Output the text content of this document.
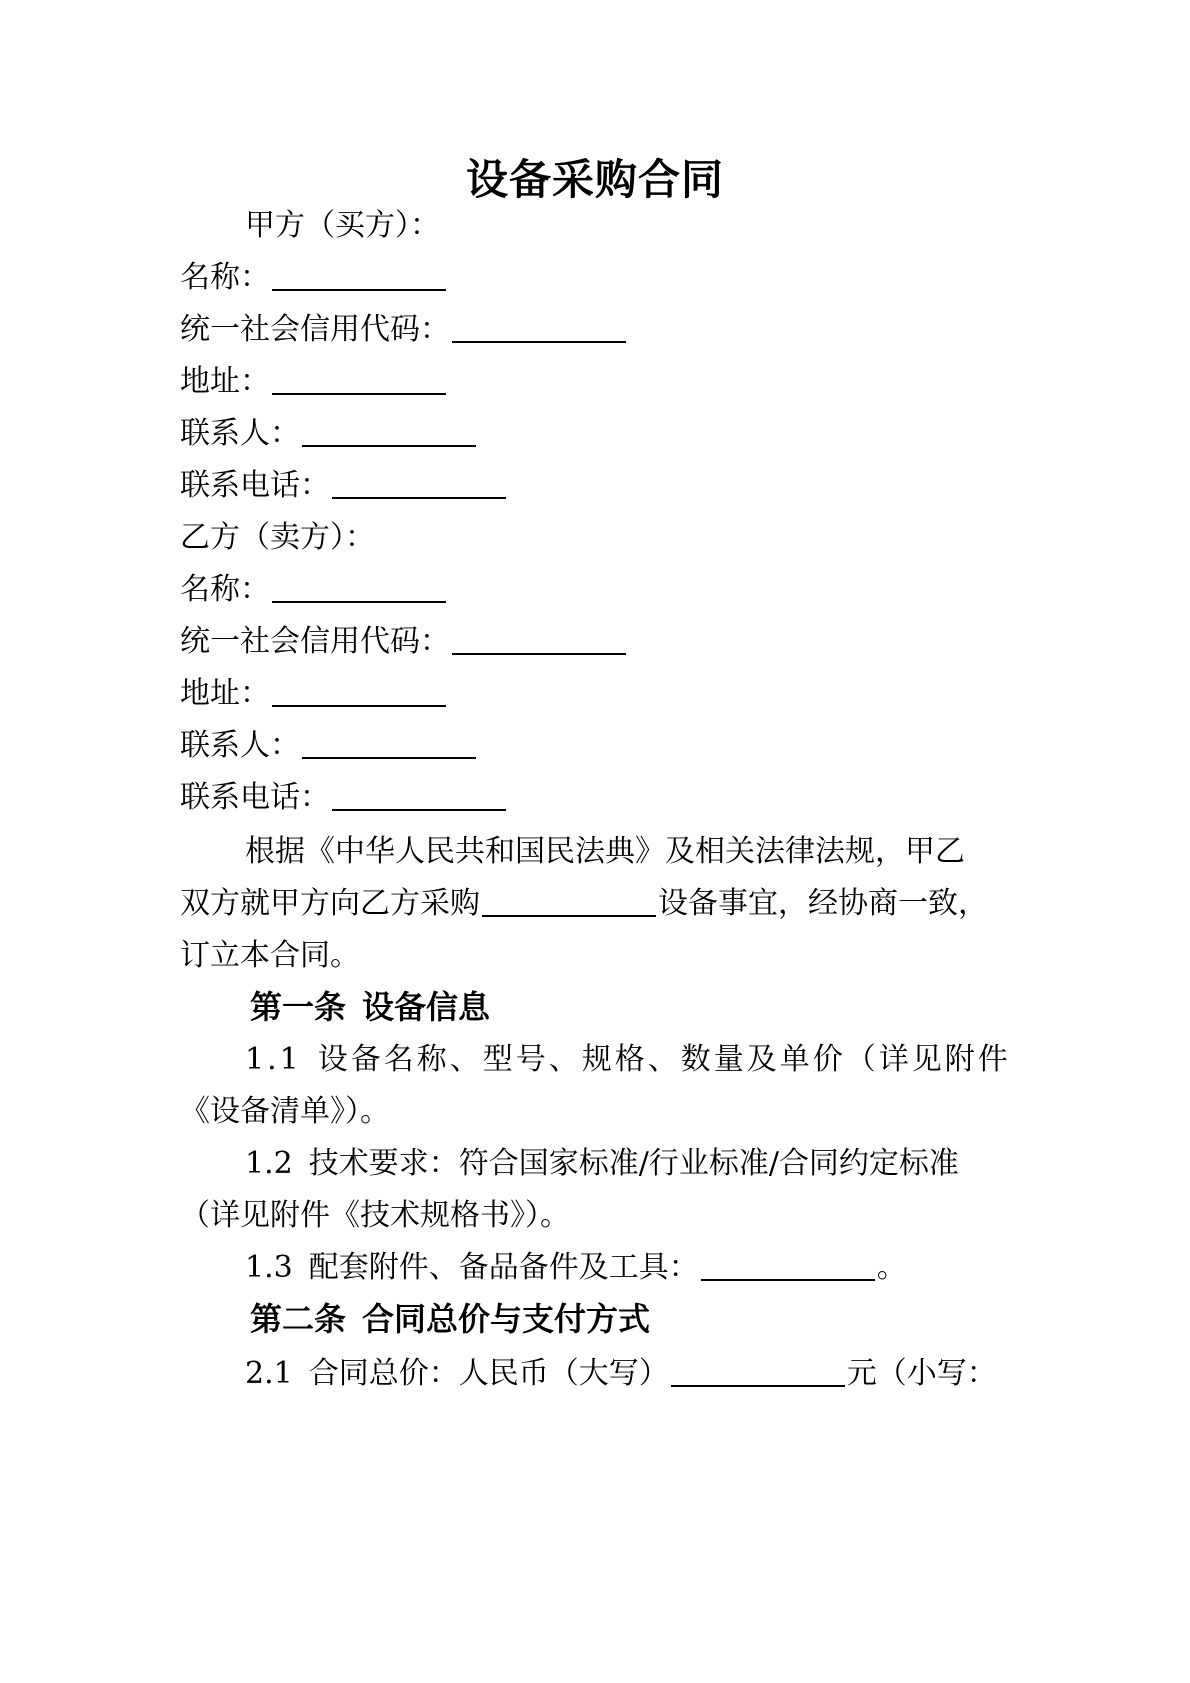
设备采购合同
甲方（买方）：
名称：
统一社会信用代码：
地址：
联系人：
联系电话：
乙方（卖方）：
名称：
统一社会信用代码：
地址：
联系人：
联系电话：
根据《中华人民共和国民法典》及相关法律法规，甲乙
双方就甲方向乙方采购	设备事宜，经协商一致，
订立本合同。
第一条 设备信息
1.1 设备名称、型号、规格、数量及单价（详见附件
《设备清单》）。
1.2 技术要求：符合国家标准/行业标准/合同约定标准
（详见附件《技术规格书》）。
1.3 配套附件、备品备件及工具：	。
第二条 合同总价与支付方式
2.1 合同总价：人民币（大写）	元（小写：
